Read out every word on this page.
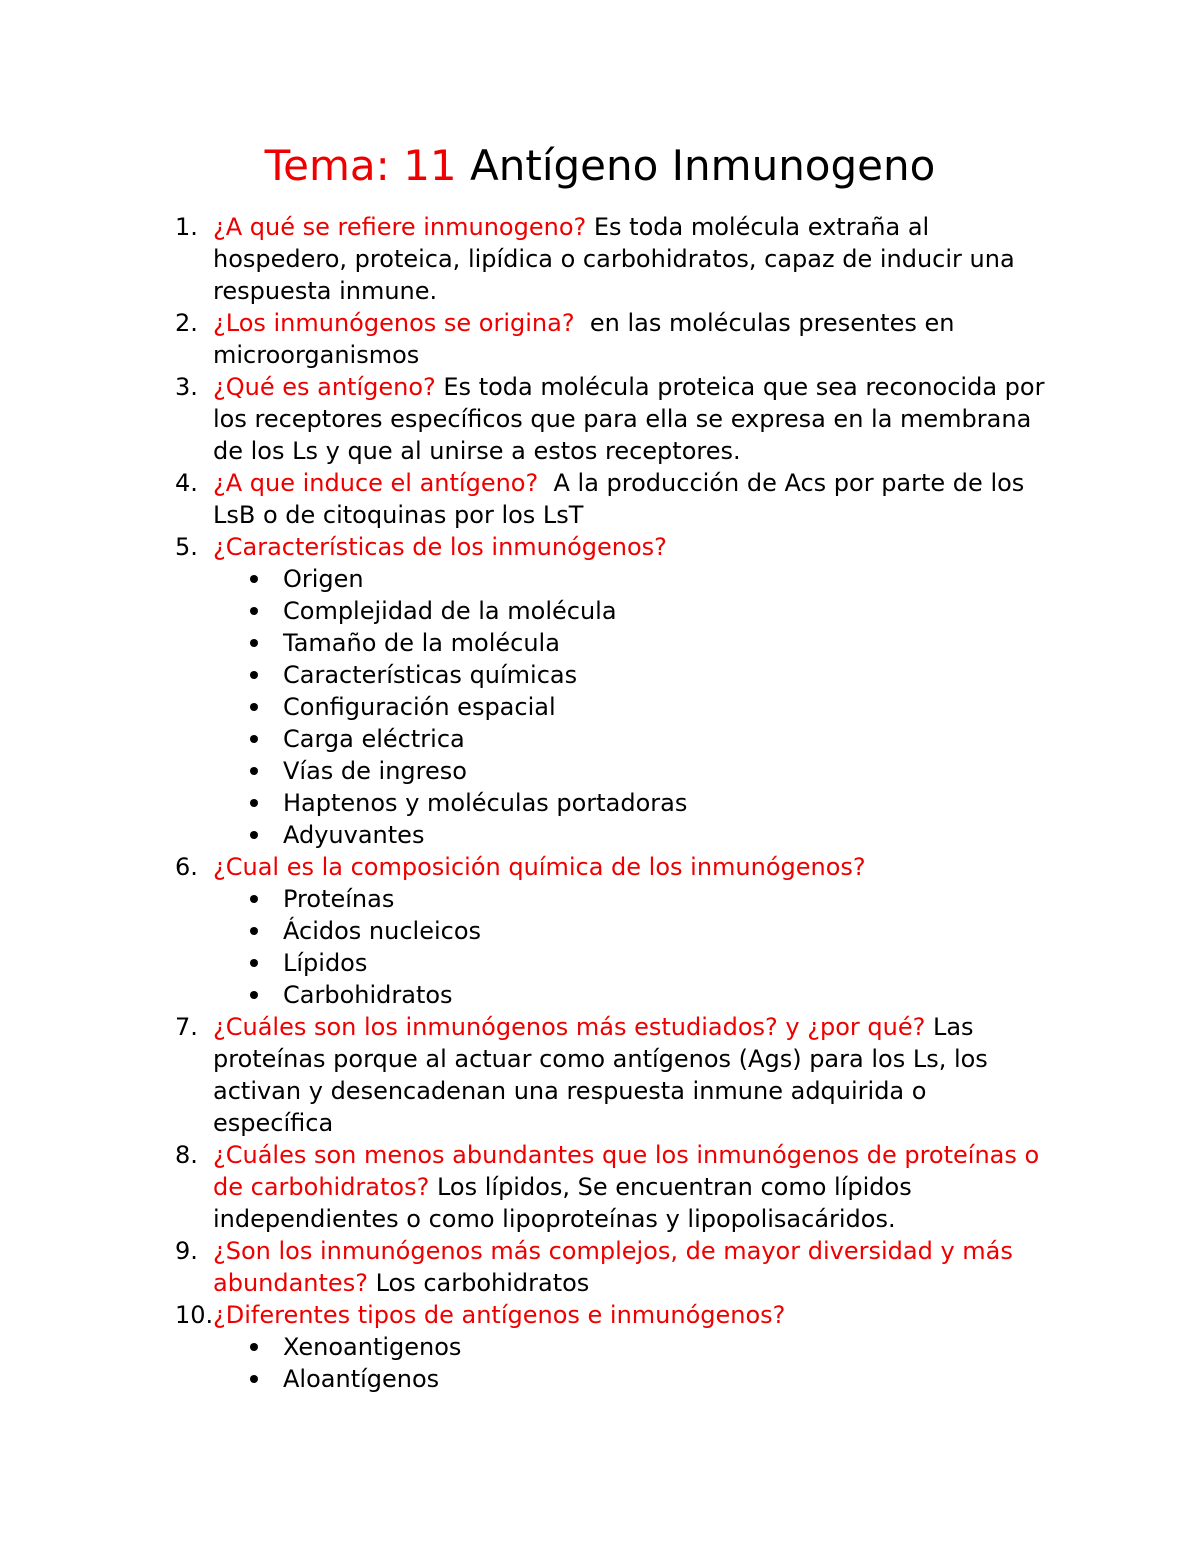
Tema: 11 Antígeno Inmunogeno
1. ¿A qué se refiere inmunogeno? Es toda molécula extraña al hospedero, proteica, lipídica o carbohidratos, capaz de inducir una respuesta inmune.
2. ¿Los inmunógenos se origina?  en las moléculas presentes en microorganismos
3. ¿Qué es antígeno? Es toda molécula proteica que sea reconocida por los receptores específicos que para ella se expresa en la membrana de los Ls y que al unirse a estos receptores.
4. ¿A que induce el antígeno?  A la producción de Acs por parte de los LsB o de citoquinas por los LsT
5. ¿Características de los inmunógenos?
Origen
Complejidad de la molécula
Tamaño de la molécula
Características químicas
Configuración espacial
Carga eléctrica
Vías de ingreso
Haptenos y moléculas portadoras
Adyuvantes
6. ¿Cual es la composición química de los inmunógenos?
Proteínas
Ácidos nucleicos
Lípidos
Carbohidratos
7. ¿Cuáles son los inmunógenos más estudiados? y ¿por qué? Las proteínas porque al actuar como antígenos (Ags) para los Ls, los activan y desencadenan una respuesta inmune adquirida o específica
8. ¿Cuáles son menos abundantes que los inmunógenos de proteínas o de carbohidratos? Los lípidos, Se encuentran como lípidos independientes o como lipoproteínas y lipopolisacáridos.
9. ¿Son los inmunógenos más complejos, de mayor diversidad y más abundantes? Los carbohidratos
10. ¿Diferentes tipos de antígenos e inmunógenos?
Xenoantigenos
Aloantígenos
